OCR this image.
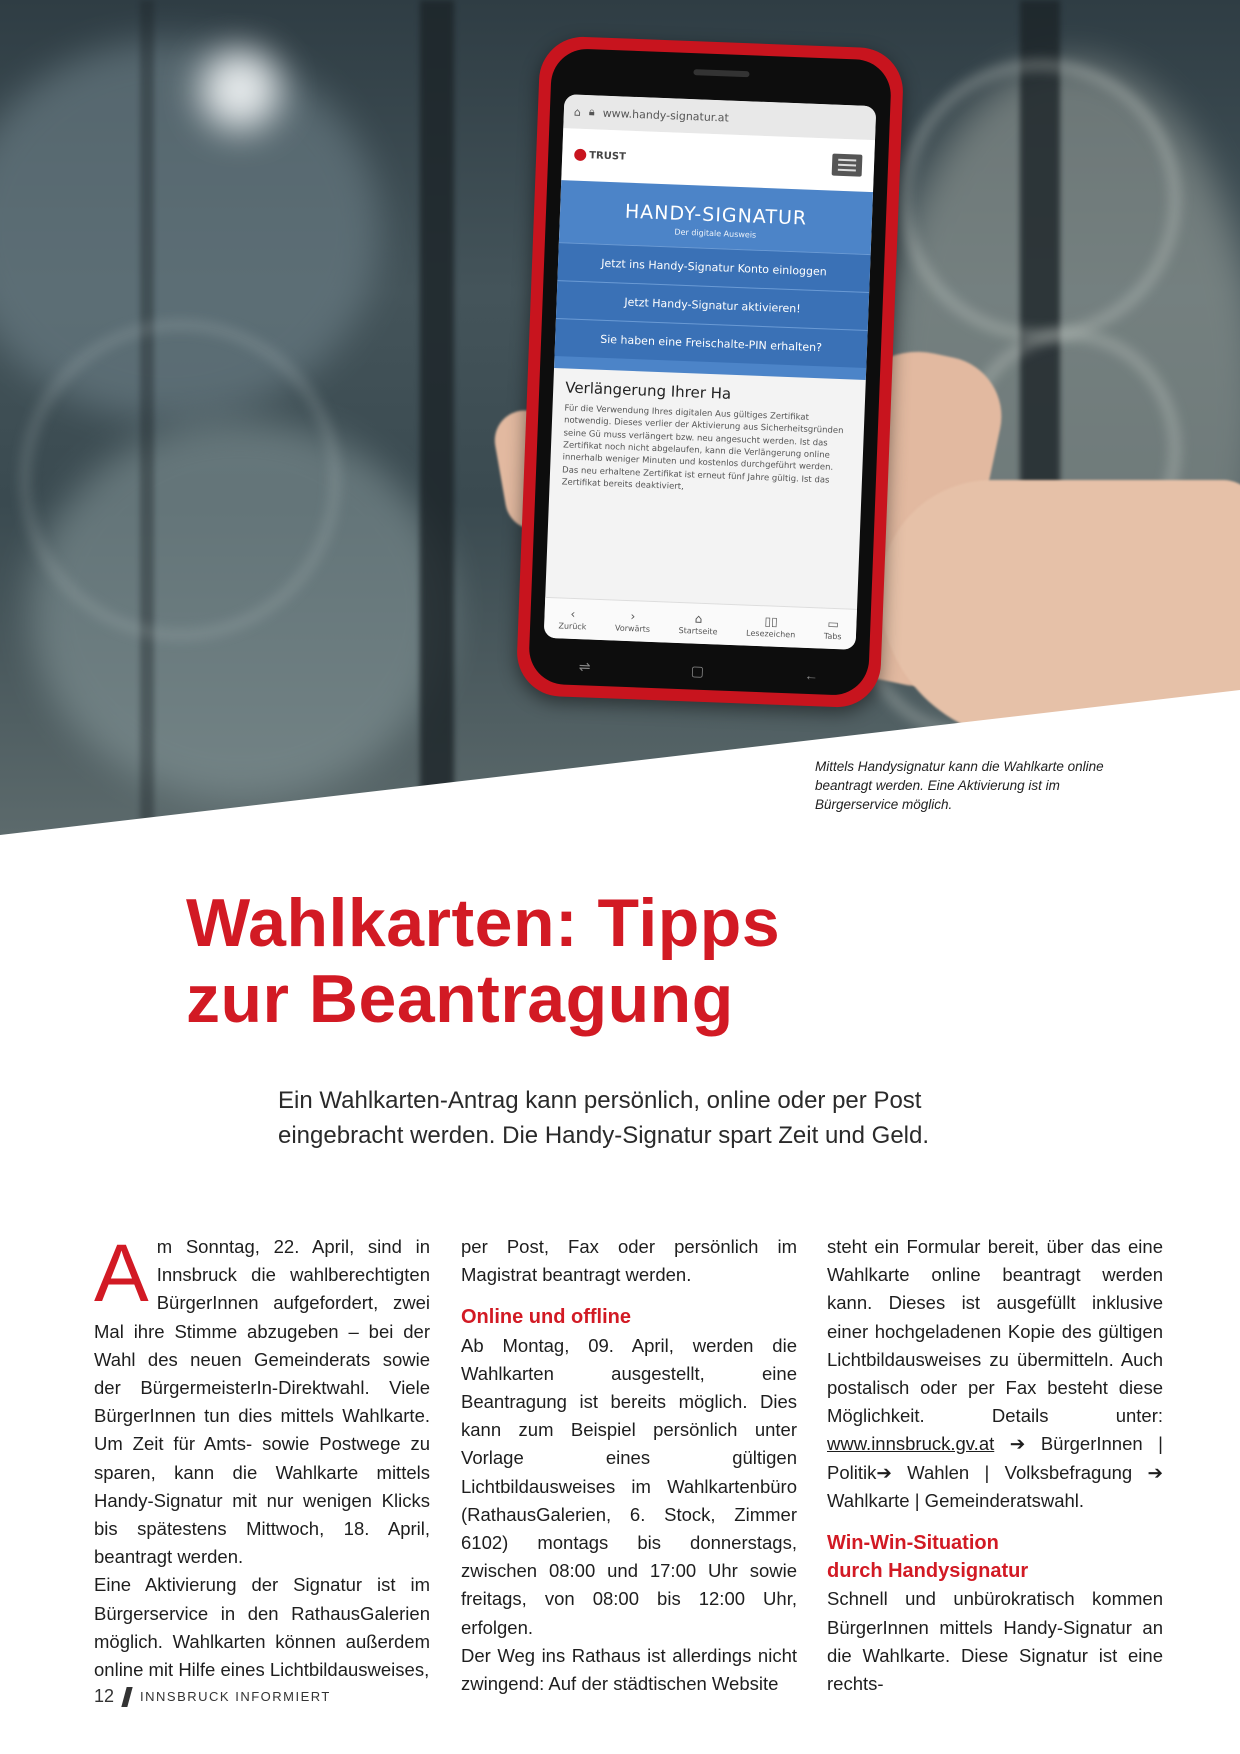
⌂ 🔒︎ www.handy-signatur.at
TRUST
HANDY-SIGNATUR
Der digitale Ausweis
Jetzt ins Handy-Signatur Konto einloggen
Jetzt Handy-Signatur aktivieren!
Sie haben eine Freischalte-PIN erhalten?
Verlängerung Ihrer Ha

Für die Verwendung Ihres digitalen Aus gültiges Zertifikat notwendig. Dieses verlier der Aktivierung aus Sicherheitsgründen seine Gü muss verlängert bzw. neu angesucht werden. Ist das Zertifikat noch nicht abgelaufen, kann die Verlängerung online innerhalb weniger Minuten und kostenlos durchgeführt werden. Das neu erhaltene Zertifikat ist erneut fünf Jahre gültig. Ist das Zertifikat bereits deaktiviert,

‹
Zurück
›
Vorwärts
⌂
Startseite
▯▯
Lesezeichen
▭
Tabs
⇌	▢	←
Mittels Handysignatur kann die Wahlkarte online beantragt werden. Eine Aktivierung ist im Bürgerservice möglich.
Wahlkarten: Tipps
zur Beantragung

Ein Wahlkarten-Antrag kann persönlich, online oder per Post eingebracht werden. Die Handy-Signatur spart Zeit und Geld.

A m Sonntag, 22. April, sind in Innsbruck die wahlberechtigten BürgerInnen aufgefordert, zwei Mal ihre Stimme abzugeben – bei der Wahl des neuen Gemeinderats sowie der BürgermeisterIn-Direktwahl. Viele BürgerInnen tun dies mittels Wahlkarte. Um Zeit für Amts- sowie Postwege zu sparen, kann die Wahlkarte mittels Handy-Signatur mit nur wenigen Klicks bis spätestens Mittwoch, 18. April, beantragt werden.

Eine Aktivierung der Signatur ist im Bürgerservice in den RathausGalerien möglich. Wahlkarten können außerdem online mit Hilfe eines Lichtbildausweises,

per Post, Fax oder persönlich im Magistrat beantragt werden.

Online und offline

Ab Montag, 09. April, werden die Wahlkarten ausgestellt, eine Beantragung ist bereits möglich. Dies kann zum Beispiel persönlich unter Vorlage eines gültigen Lichtbildausweises im Wahlkartenbüro (RathausGalerien, 6. Stock, Zimmer 6102) montags bis donnerstags, zwischen 08:00 und 17:00 Uhr sowie freitags, von 08:00 bis 12:00 Uhr, erfolgen.

Der Weg ins Rathaus ist allerdings nicht zwingend: Auf der städtischen Website

steht ein Formular bereit, über das eine Wahlkarte online beantragt werden kann. Dieses ist ausgefüllt inklusive einer hochgeladenen Kopie des gültigen Lichtbildausweises zu übermitteln. Auch postalisch oder per Fax besteht diese Möglichkeit. Details unter: www.innsbruck.gv.at ➔ BürgerInnen | Politik➔ Wahlen | Volksbefragung ➔ Wahlkarte | Gemeinderatswahl.

Win-Win-Situation
durch Handysignatur

Schnell und unbürokratisch kommen BürgerInnen mittels Handy-Signatur an die Wahlkarte. Diese Signatur ist eine rechts-

12 INNSBRUCK INFORMIERT
